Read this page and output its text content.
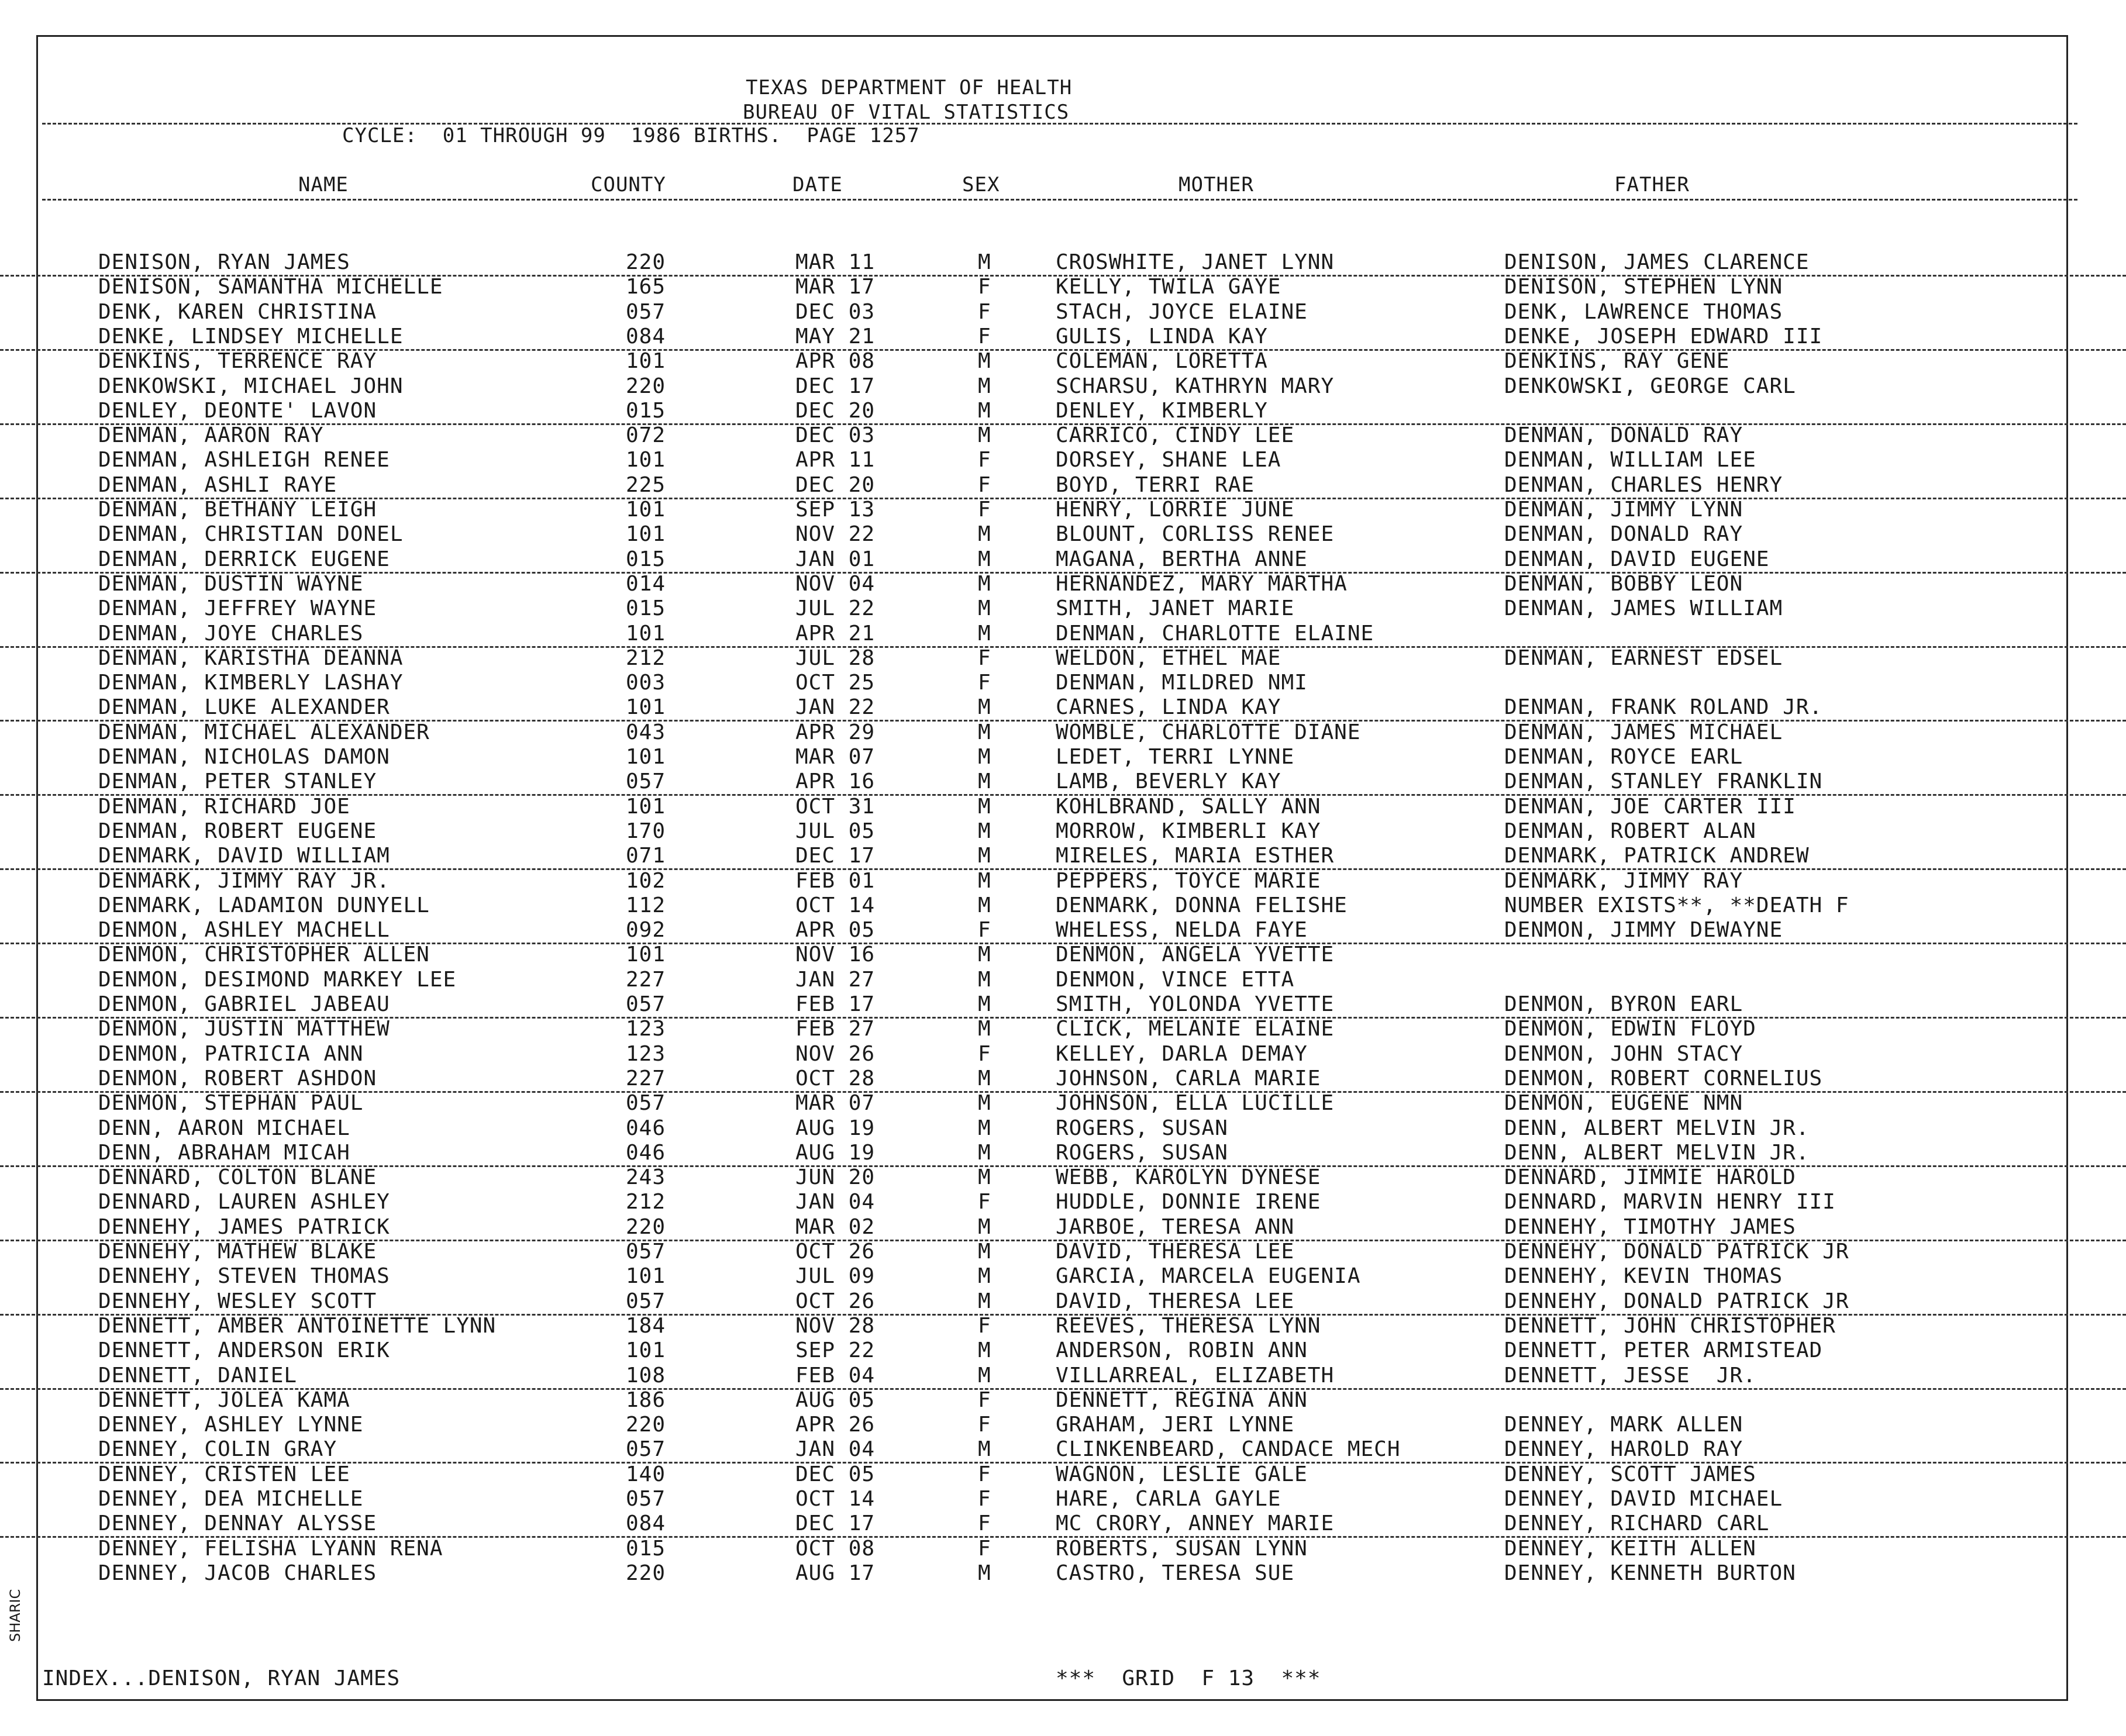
TEXAS DEPARTMENT OF HEALTH
BUREAU OF VITAL STATISTICS
CYCLE:  01 THROUGH 99  1986 BIRTHS.  PAGE 1257
NAME	COUNTY	DATE	SEX	MOTHER	FATHER
DENISON, RYAN JAMES	220	MAR 11	M	CROSWHITE, JANET LYNN	DENISON, JAMES CLARENCE
DENISON, SAMANTHA MICHELLE	165	MAR 17	F	KELLY, TWILA GAYE	DENISON, STEPHEN LYNN
DENK, KAREN CHRISTINA	057	DEC 03	F	STACH, JOYCE ELAINE	DENK, LAWRENCE THOMAS
DENKE, LINDSEY MICHELLE	084	MAY 21	F	GULIS, LINDA KAY	DENKE, JOSEPH EDWARD III
DENKINS, TERRENCE RAY	101	APR 08	M	COLEMAN, LORETTA	DENKINS, RAY GENE
DENKOWSKI, MICHAEL JOHN	220	DEC 17	M	SCHARSU, KATHRYN MARY	DENKOWSKI, GEORGE CARL
DENLEY, DEONTE' LAVON	015	DEC 20	M	DENLEY, KIMBERLY
DENMAN, AARON RAY	072	DEC 03	M	CARRICO, CINDY LEE	DENMAN, DONALD RAY
DENMAN, ASHLEIGH RENEE	101	APR 11	F	DORSEY, SHANE LEA	DENMAN, WILLIAM LEE
DENMAN, ASHLI RAYE	225	DEC 20	F	BOYD, TERRI RAE	DENMAN, CHARLES HENRY
DENMAN, BETHANY LEIGH	101	SEP 13	F	HENRY, LORRIE JUNE	DENMAN, JIMMY LYNN
DENMAN, CHRISTIAN DONEL	101	NOV 22	M	BLOUNT, CORLISS RENEE	DENMAN, DONALD RAY
DENMAN, DERRICK EUGENE	015	JAN 01	M	MAGANA, BERTHA ANNE	DENMAN, DAVID EUGENE
DENMAN, DUSTIN WAYNE	014	NOV 04	M	HERNANDEZ, MARY MARTHA	DENMAN, BOBBY LEON
DENMAN, JEFFREY WAYNE	015	JUL 22	M	SMITH, JANET MARIE	DENMAN, JAMES WILLIAM
DENMAN, JOYE CHARLES	101	APR 21	M	DENMAN, CHARLOTTE ELAINE
DENMAN, KARISTHA DEANNA	212	JUL 28	F	WELDON, ETHEL MAE	DENMAN, EARNEST EDSEL
DENMAN, KIMBERLY LASHAY	003	OCT 25	F	DENMAN, MILDRED NMI
DENMAN, LUKE ALEXANDER	101	JAN 22	M	CARNES, LINDA KAY	DENMAN, FRANK ROLAND JR.
DENMAN, MICHAEL ALEXANDER	043	APR 29	M	WOMBLE, CHARLOTTE DIANE	DENMAN, JAMES MICHAEL
DENMAN, NICHOLAS DAMON	101	MAR 07	M	LEDET, TERRI LYNNE	DENMAN, ROYCE EARL
DENMAN, PETER STANLEY	057	APR 16	M	LAMB, BEVERLY KAY	DENMAN, STANLEY FRANKLIN
DENMAN, RICHARD JOE	101	OCT 31	M	KOHLBRAND, SALLY ANN	DENMAN, JOE CARTER III
DENMAN, ROBERT EUGENE	170	JUL 05	M	MORROW, KIMBERLI KAY	DENMAN, ROBERT ALAN
DENMARK, DAVID WILLIAM	071	DEC 17	M	MIRELES, MARIA ESTHER	DENMARK, PATRICK ANDREW
DENMARK, JIMMY RAY JR.	102	FEB 01	M	PEPPERS, TOYCE MARIE	DENMARK, JIMMY RAY
DENMARK, LADAMION DUNYELL	112	OCT 14	M	DENMARK, DONNA FELISHE	NUMBER EXISTS**, **DEATH F
DENMON, ASHLEY MACHELL	092	APR 05	F	WHELESS, NELDA FAYE	DENMON, JIMMY DEWAYNE
DENMON, CHRISTOPHER ALLEN	101	NOV 16	M	DENMON, ANGELA YVETTE
DENMON, DESIMOND MARKEY LEE	227	JAN 27	M	DENMON, VINCE ETTA
DENMON, GABRIEL JABEAU	057	FEB 17	M	SMITH, YOLONDA YVETTE	DENMON, BYRON EARL
DENMON, JUSTIN MATTHEW	123	FEB 27	M	CLICK, MELANIE ELAINE	DENMON, EDWIN FLOYD
DENMON, PATRICIA ANN	123	NOV 26	F	KELLEY, DARLA DEMAY	DENMON, JOHN STACY
DENMON, ROBERT ASHDON	227	OCT 28	M	JOHNSON, CARLA MARIE	DENMON, ROBERT CORNELIUS
DENMON, STEPHAN PAUL	057	MAR 07	M	JOHNSON, ELLA LUCILLE	DENMON, EUGENE NMN
DENN, AARON MICHAEL	046	AUG 19	M	ROGERS, SUSAN	DENN, ALBERT MELVIN JR.
DENN, ABRAHAM MICAH	046	AUG 19	M	ROGERS, SUSAN	DENN, ALBERT MELVIN JR.
DENNARD, COLTON BLANE	243	JUN 20	M	WEBB, KAROLYN DYNESE	DENNARD, JIMMIE HAROLD
DENNARD, LAUREN ASHLEY	212	JAN 04	F	HUDDLE, DONNIE IRENE	DENNARD, MARVIN HENRY III
DENNEHY, JAMES PATRICK	220	MAR 02	M	JARBOE, TERESA ANN	DENNEHY, TIMOTHY JAMES
DENNEHY, MATHEW BLAKE	057	OCT 26	M	DAVID, THERESA LEE	DENNEHY, DONALD PATRICK JR
DENNEHY, STEVEN THOMAS	101	JUL 09	M	GARCIA, MARCELA EUGENIA	DENNEHY, KEVIN THOMAS
DENNEHY, WESLEY SCOTT	057	OCT 26	M	DAVID, THERESA LEE	DENNEHY, DONALD PATRICK JR
DENNETT, AMBER ANTOINETTE LYNN	184	NOV 28	F	REEVES, THERESA LYNN	DENNETT, JOHN CHRISTOPHER
DENNETT, ANDERSON ERIK	101	SEP 22	M	ANDERSON, ROBIN ANN	DENNETT, PETER ARMISTEAD
DENNETT, DANIEL	108	FEB 04	M	VILLARREAL, ELIZABETH	DENNETT, JESSE  JR.
DENNETT, JOLEA KAMA	186	AUG 05	F	DENNETT, REGINA ANN
DENNEY, ASHLEY LYNNE	220	APR 26	F	GRAHAM, JERI LYNNE	DENNEY, MARK ALLEN
DENNEY, COLIN GRAY	057	JAN 04	M	CLINKENBEARD, CANDACE MECH	DENNEY, HAROLD RAY
DENNEY, CRISTEN LEE	140	DEC 05	F	WAGNON, LESLIE GALE	DENNEY, SCOTT JAMES
DENNEY, DEA MICHELLE	057	OCT 14	F	HARE, CARLA GAYLE	DENNEY, DAVID MICHAEL
DENNEY, DENNAY ALYSSE	084	DEC 17	F	MC CRORY, ANNEY MARIE	DENNEY, RICHARD CARL
DENNEY, FELISHA LYANN RENA	015	OCT 08	F	ROBERTS, SUSAN LYNN	DENNEY, KEITH ALLEN
DENNEY, JACOB CHARLES	220	AUG 17	M	CASTRO, TERESA SUE	DENNEY, KENNETH BURTON
INDEX...DENISON, RYAN JAMES	***  GRID  F 13  ***
SHARIC
